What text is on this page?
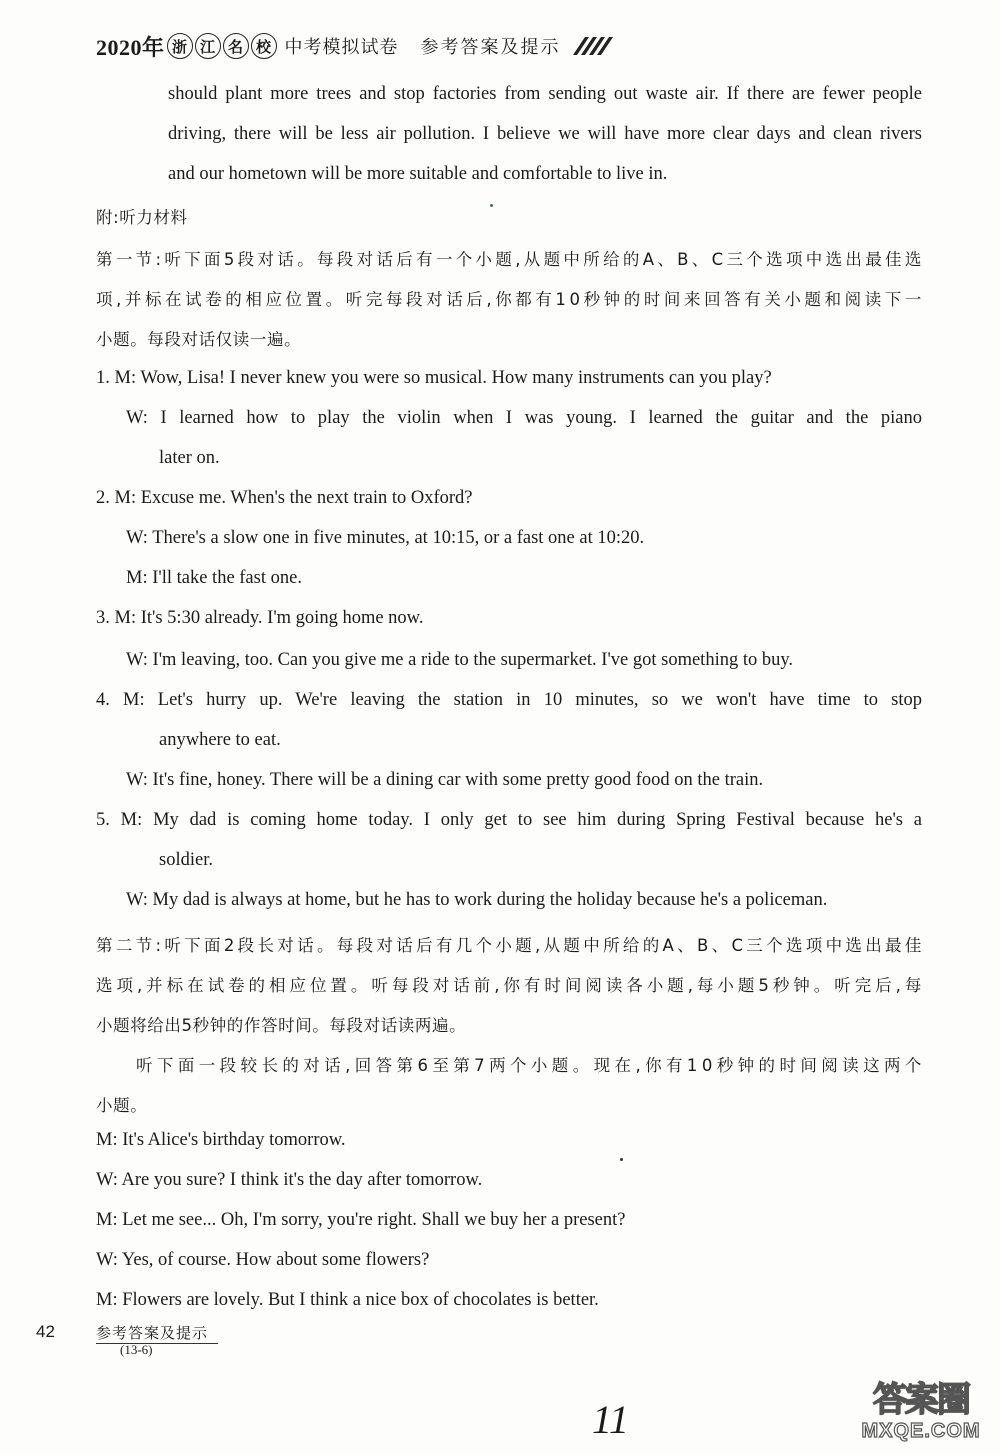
2020年 浙 江 名 校 中考模拟试卷 参考答案及提示
should plant more trees and stop factories from sending out waste air. If there are fewer people
driving, there will be less air pollution. I believe we will have more clear days and clean rivers
and our hometown will be more suitable and comfortable to live in.
附:听力材料
第一节:听下面5段对话。每段对话后有一个小题,从题中所给的A、B、C三个选项中选出最佳选
项,并标在试卷的相应位置。听完每段对话后,你都有10秒钟的时间来回答有关小题和阅读下一
小题。每段对话仅读一遍。
1. M: Wow, Lisa! I never knew you were so musical. How many instruments can you play?
W: I learned how to play the violin when I was young. I learned the guitar and the piano
later on.
2. M: Excuse me. When's the next train to Oxford?
W: There's a slow one in five minutes, at 10:15, or a fast one at 10:20.
M: I'll take the fast one.
3. M: It's 5:30 already. I'm going home now.
W: I'm leaving, too. Can you give me a ride to the supermarket. I've got something to buy.
4. M: Let's hurry up. We're leaving the station in 10 minutes, so we won't have time to stop
anywhere to eat.
W: It's fine, honey. There will be a dining car with some pretty good food on the train.
5. M: My dad is coming home today. I only get to see him during Spring Festival because he's a
soldier.
W: My dad is always at home, but he has to work during the holiday because he's a policeman.
第二节:听下面2段长对话。每段对话后有几个小题,从题中所给的A、B、C三个选项中选出最佳
选项,并标在试卷的相应位置。听每段对话前,你有时间阅读各小题,每小题5秒钟。听完后,每
小题将给出5秒钟的作答时间。每段对话读两遍。
听下面一段较长的对话,回答第6至第7两个小题。现在,你有10秒钟的时间阅读这两个
小题。
M: It's Alice's birthday tomorrow.
W: Are you sure? I think it's the day after tomorrow.
M: Let me see... Oh, I'm sorry, you're right. Shall we buy her a present?
W: Yes, of course. How about some flowers?
M: Flowers are lovely. But I think a nice box of chocolates is better.
42	参考答案及提示
(13-6)
11	答案圈
MXQE.COM
